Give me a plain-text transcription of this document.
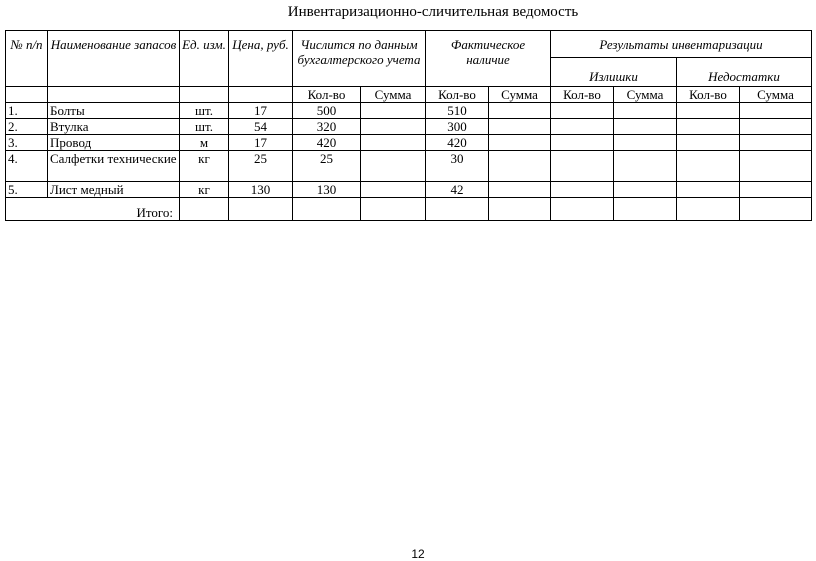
Инвентаризационно-сличительная ведомость
№ п/п	Наименование запасов	Ед. изм.	Цена, руб.	Числится по данным бухгалтерского учета		Фактическое наличие		Результаты инвентаризации			
								Излишки		Недостатки	
				Кол-во	Сумма	Кол-во	Сумма	Кол-во	Сумма	Кол-во	Сумма
1.	Болты	шт.	17	500		510					
2.	Втулка	шт.	54	320		300					
3.	Провод	м	17	420		420					
4.	Салфетки технические	кг	25	25		30					
5.	Лист медный	кг	130	130		42					
Итого:											
12
